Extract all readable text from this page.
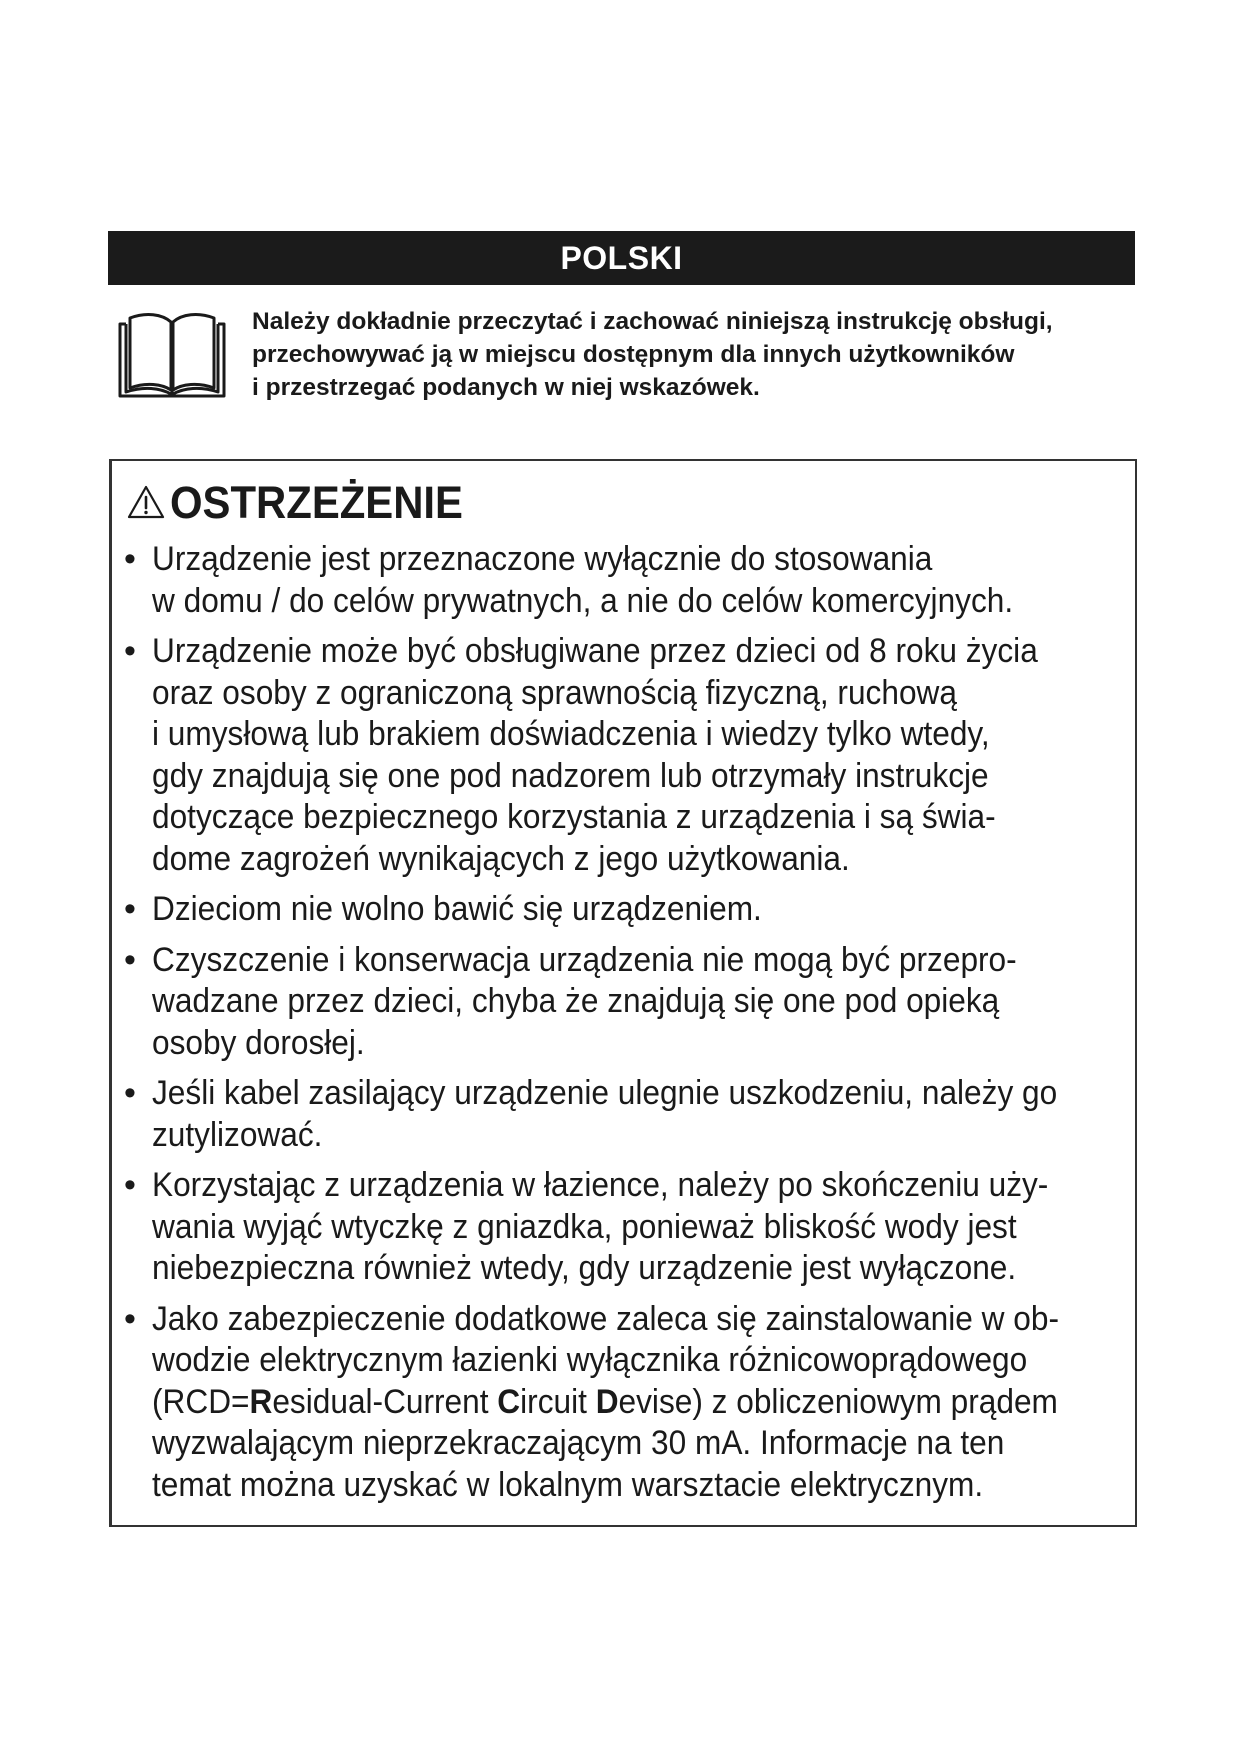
POLSKI
Należy dokładnie przeczytać i zachować niniejszą instrukcję obsługi,
przechowywać ją w miejscu dostępnym dla innych użytkowników
i przestrzegać podanych w niej wskazówek.
OSTRZEŻENIE
• Urządzenie jest przeznaczone wyłącznie do stosowania
w domu / do celów prywatnych, a nie do celów komercyjnych.
• Urządzenie może być obsługiwane przez dzieci od 8 roku życia
oraz osoby z ograniczoną sprawnością fizyczną, ruchową
i umysłową lub brakiem doświadczenia i wiedzy tylko wtedy,
gdy znajdują się one pod nadzorem lub otrzymały instrukcje
dotyczące bezpiecznego korzystania z urządzenia i są świa-
dome zagrożeń wynikających z jego użytkowania.
• Dzieciom nie wolno bawić się urządzeniem.
• Czyszczenie i konserwacja urządzenia nie mogą być przepro-
wadzane przez dzieci, chyba że znajdują się one pod opieką
osoby dorosłej.
• Jeśli kabel zasilający urządzenie ulegnie uszkodzeniu, należy go
zutylizować.
• Korzystając z urządzenia w łazience, należy po skończeniu uży-
wania wyjąć wtyczkę z gniazdka, ponieważ bliskość wody jest
niebezpieczna również wtedy, gdy urządzenie jest wyłączone.
• Jako zabezpieczenie dodatkowe zaleca się zainstalowanie w ob-
wodzie elektrycznym łazienki wyłącznika różnicowoprądowego
(RCD=Residual-Current Circuit Devise) z obliczeniowym prądem
wyzwalającym nieprzekraczającym 30 mA. Informacje na ten
temat można uzyskać w lokalnym warsztacie elektrycznym.
